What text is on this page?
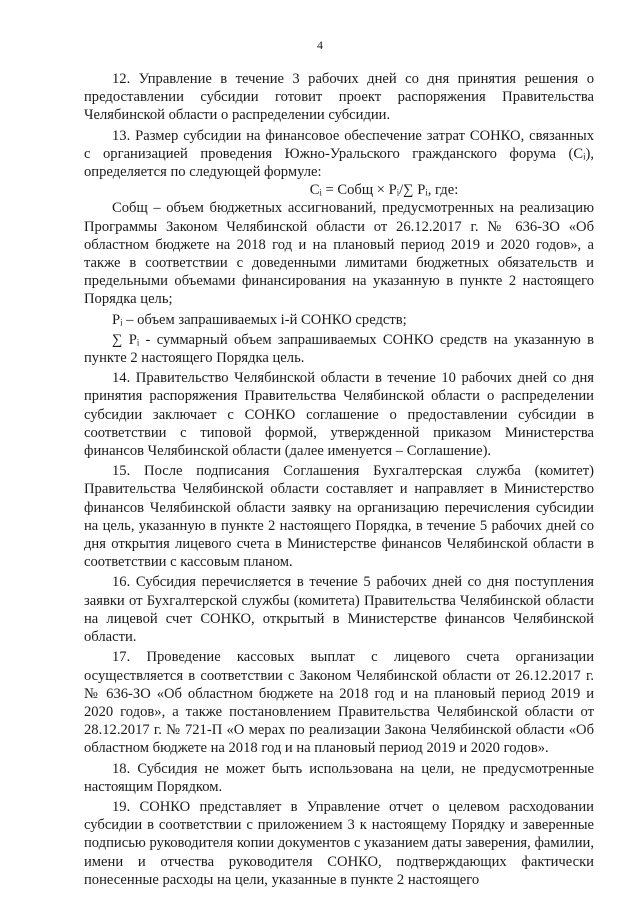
4

12. Управление в течение 3 рабочих дней со дня принятия решения о предоставлении субсидии готовит проект распоряжения Правительства Челябинской области о распределении субсидии.

13. Размер субсидии на финансовое обеспечение затрат СОНКО, связанных с организацией проведения Южно-Уральского гражданского форума (Сᵢ), определяется по следующей формуле:

Cᵢ = Cобщ × Pᵢ/∑ Pᵢ, где:

Cобщ – объем бюджетных ассигнований, предусмотренных на реализацию Программы Законом Челябинской области от 26.12.2017 г. № 636-ЗО «Об областном бюджете на 2018 год и на плановый период 2019 и 2020 годов», а также в соответствии с доведенными лимитами бюджетных обязательств и предельными объемами финансирования на указанную в пункте 2 настоящего Порядка цель;

Pᵢ – объем запрашиваемых i-й СОНКО средств;

∑ Pᵢ - суммарный объем запрашиваемых СОНКО средств на указанную в пункте 2 настоящего Порядка цель.

14. Правительство Челябинской области в течение 10 рабочих дней со дня принятия распоряжения Правительства Челябинской области о распределении субсидии заключает с СОНКО соглашение о предоставлении субсидии в соответствии с типовой формой, утвержденной приказом Министерства финансов Челябинской области (далее именуется – Соглашение).

15. После подписания Соглашения Бухгалтерская служба (комитет) Правительства Челябинской области составляет и направляет в Министерство финансов Челябинской области заявку на организацию перечисления субсидии на цель, указанную в пункте 2 настоящего Порядка, в течение 5 рабочих дней со дня открытия лицевого счета в Министерстве финансов Челябинской области в соответствии с кассовым планом.

16. Субсидия перечисляется в течение 5 рабочих дней со дня поступления заявки от Бухгалтерской службы (комитета) Правительства Челябинской области на лицевой счет СОНКО, открытый в Министерстве финансов Челябинской области.

17. Проведение кассовых выплат с лицевого счета организации осуществляется в соответствии с Законом Челябинской области от 26.12.2017 г. № 636-ЗО «Об областном бюджете на 2018 год и на плановый период 2019 и 2020 годов», а также постановлением Правительства Челябинской области от 28.12.2017 г. № 721-П «О мерах по реализации Закона Челябинской области «Об областном бюджете на 2018 год и на плановый период 2019 и 2020 годов».

18. Субсидия не может быть использована на цели, не предусмотренные настоящим Порядком.

19. СОНКО представляет в Управление отчет о целевом расходовании субсидии в соответствии с приложением 3 к настоящему Порядку и заверенные подписью руководителя копии документов с указанием даты заверения, фамилии, имени и отчества руководителя СОНКО, подтверждающих фактически понесенные расходы на цели, указанные в пункте 2 настоящего
